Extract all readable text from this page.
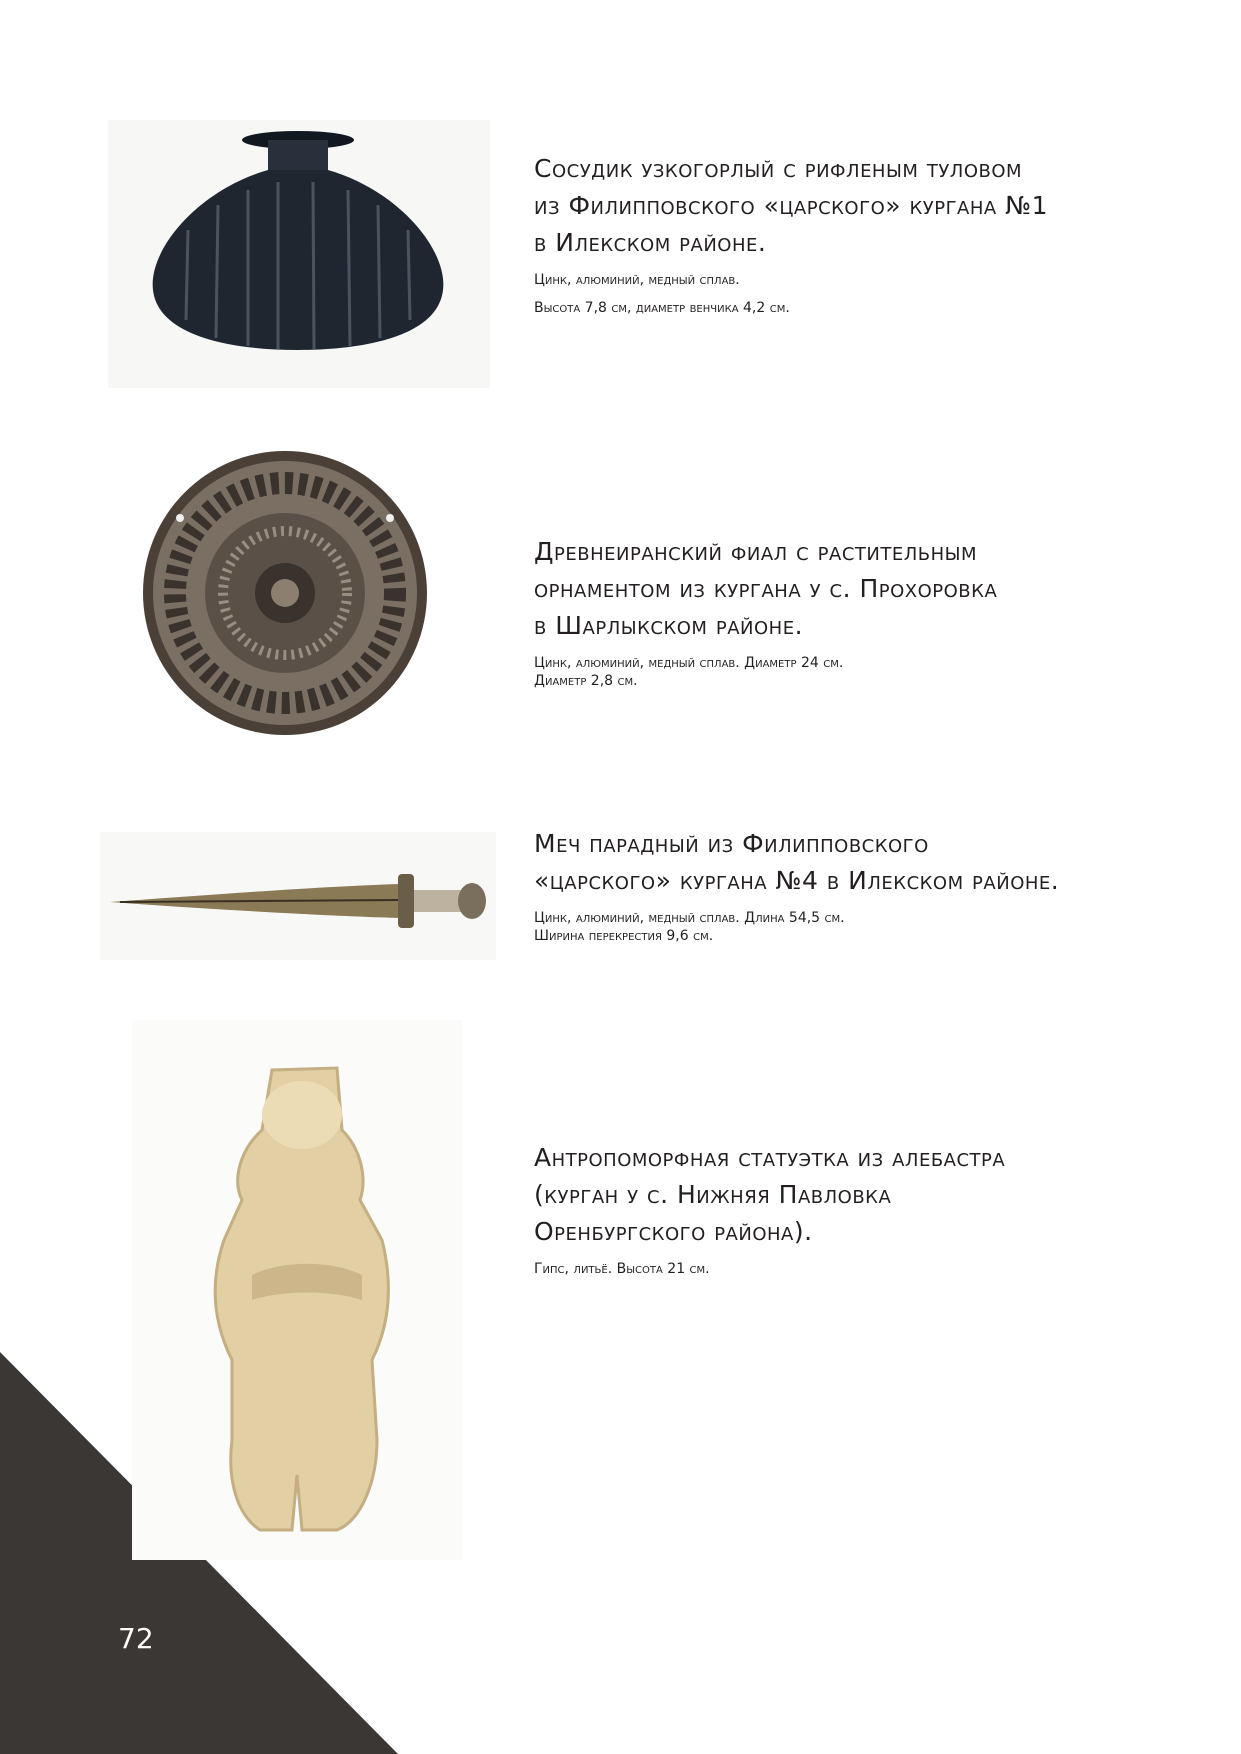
72
Сосудик узкогорлый с рифленым туловом
из Филипповского «царского» кургана №1
в Илекском районе.

Цинк, алюминий, медный сплав.

Высота 7,8 см, диаметр венчика 4,2 см.

Древнеиранский фиал с растительным
орнаментом из кургана у с. Прохоровка
в Шарлыкском районе.

Цинк, алюминий, медный сплав. Диаметр 24 см.
Диаметр 2,8 см.

Меч парадный из Филипповского
«царского» кургана №4 в Илекском районе.

Цинк, алюминий, медный сплав. Длина 54,5 см.
Ширина перекрестия 9,6 см.

Антропоморфная статуэтка из алебастра
(курган у с. Нижняя Павловка
Оренбургского района).

Гипс, литьё. Высота 21 см.
